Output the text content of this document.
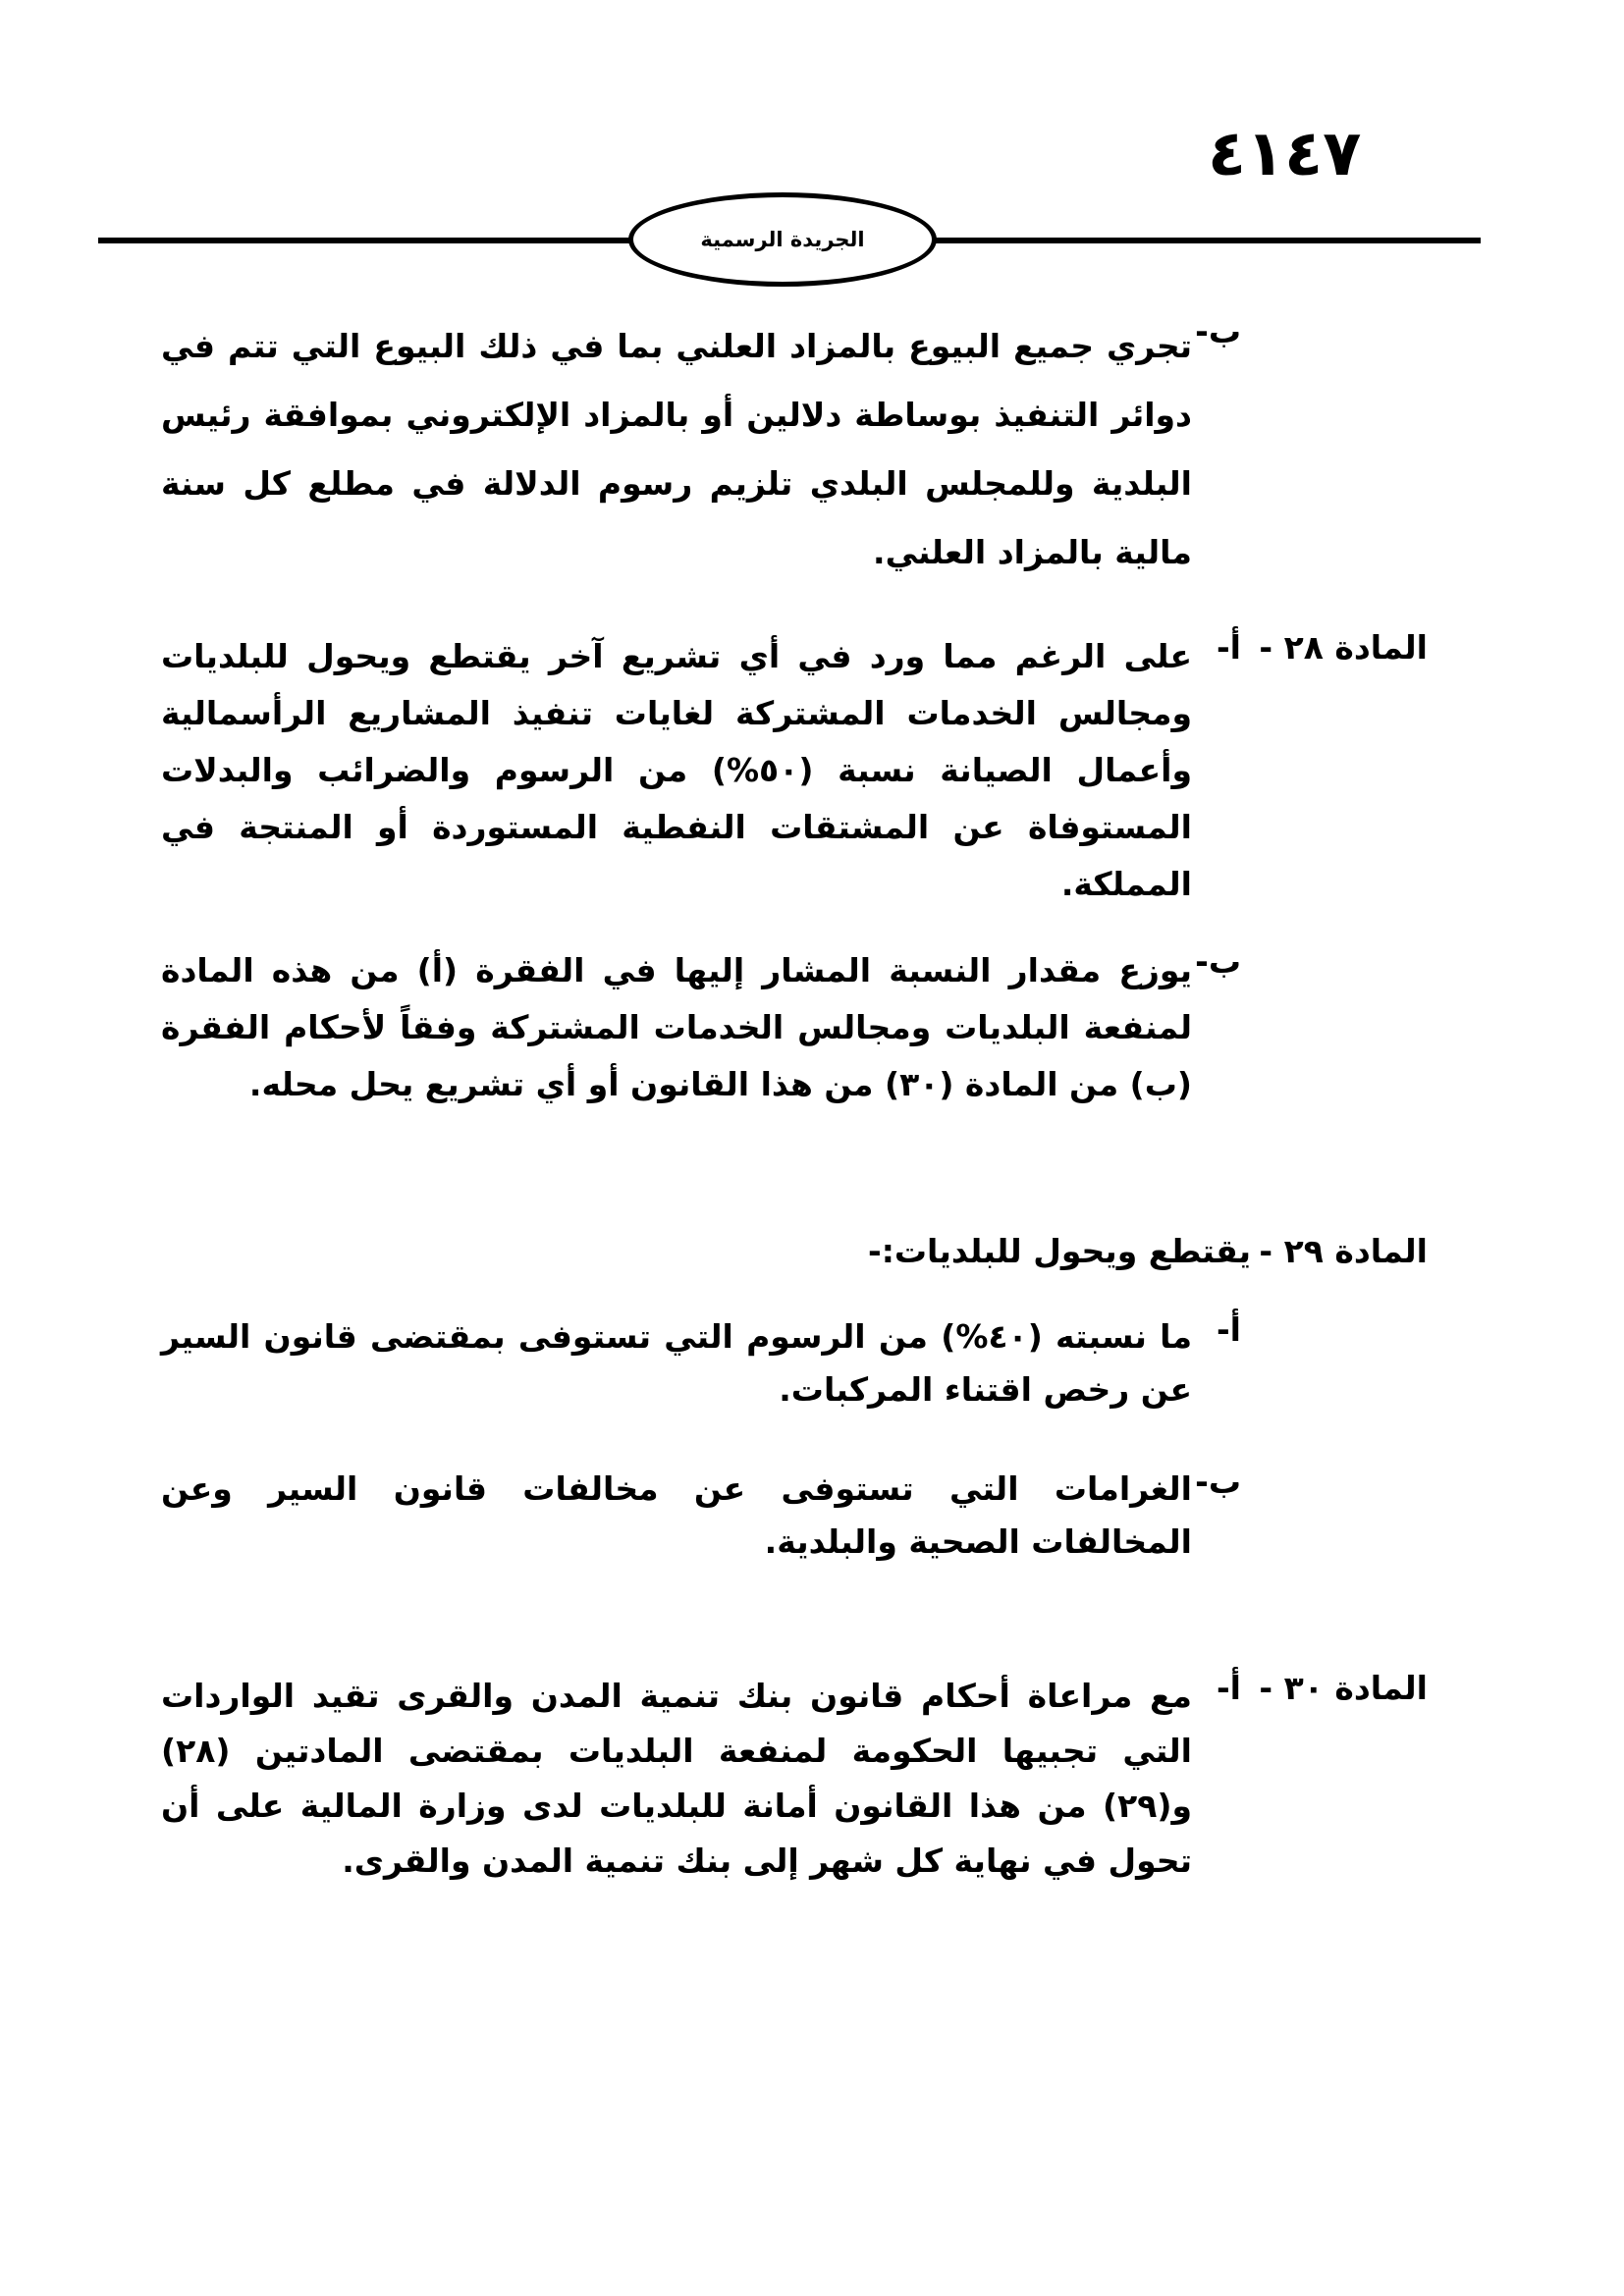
٤١٤٧
الجريدة الرسمية
ب-
تجري جميع البيوع بالمزاد العلني بما في ذلك البيوع التي تتم في دوائر التنفيذ بوساطة دلالين أو بالمزاد الإلكتروني بموافقة رئيس البلدية وللمجلس البلدي تلزيم رسوم الدلالة في مطلع كل سنة مالية بالمزاد العلني.
المادة ٢٨ -
أ-
على الرغم مما ورد في أي تشريع آخر يقتطع ويحول للبلديات ومجالس الخدمات المشتركة لغايات تنفيذ المشاريع الرأسمالية وأعمال الصيانة نسبة (٥٠%) من الرسوم والضرائب والبدلات المستوفاة عن المشتقات النفطية المستوردة أو المنتجة في المملكة.
ب-
يوزع مقدار النسبة المشار إليها في الفقرة (أ) من هذه المادة لمنفعة البلديات ومجالس الخدمات المشتركة وفقاً لأحكام الفقرة (ب) من المادة (٣٠) من هذا القانون أو أي تشريع يحل محله.
المادة ٢٩ -
يقتطع ويحول للبلديات:-
أ-
ما نسبته (٤٠%) من الرسوم التي تستوفى بمقتضى قانون السير عن رخص اقتناء المركبات.
ب-
الغرامات التي تستوفى عن مخالفات قانون السير وعن المخالفات الصحية والبلدية.
المادة ٣٠ -
أ-
مع مراعاة أحكام قانون بنك تنمية المدن والقرى تقيد الواردات التي تجبيها الحكومة لمنفعة البلديات بمقتضى المادتين (٢٨) و(٢٩) من هذا القانون أمانة للبلديات لدى وزارة المالية على أن تحول في نهاية كل شهر إلى بنك تنمية المدن والقرى.
